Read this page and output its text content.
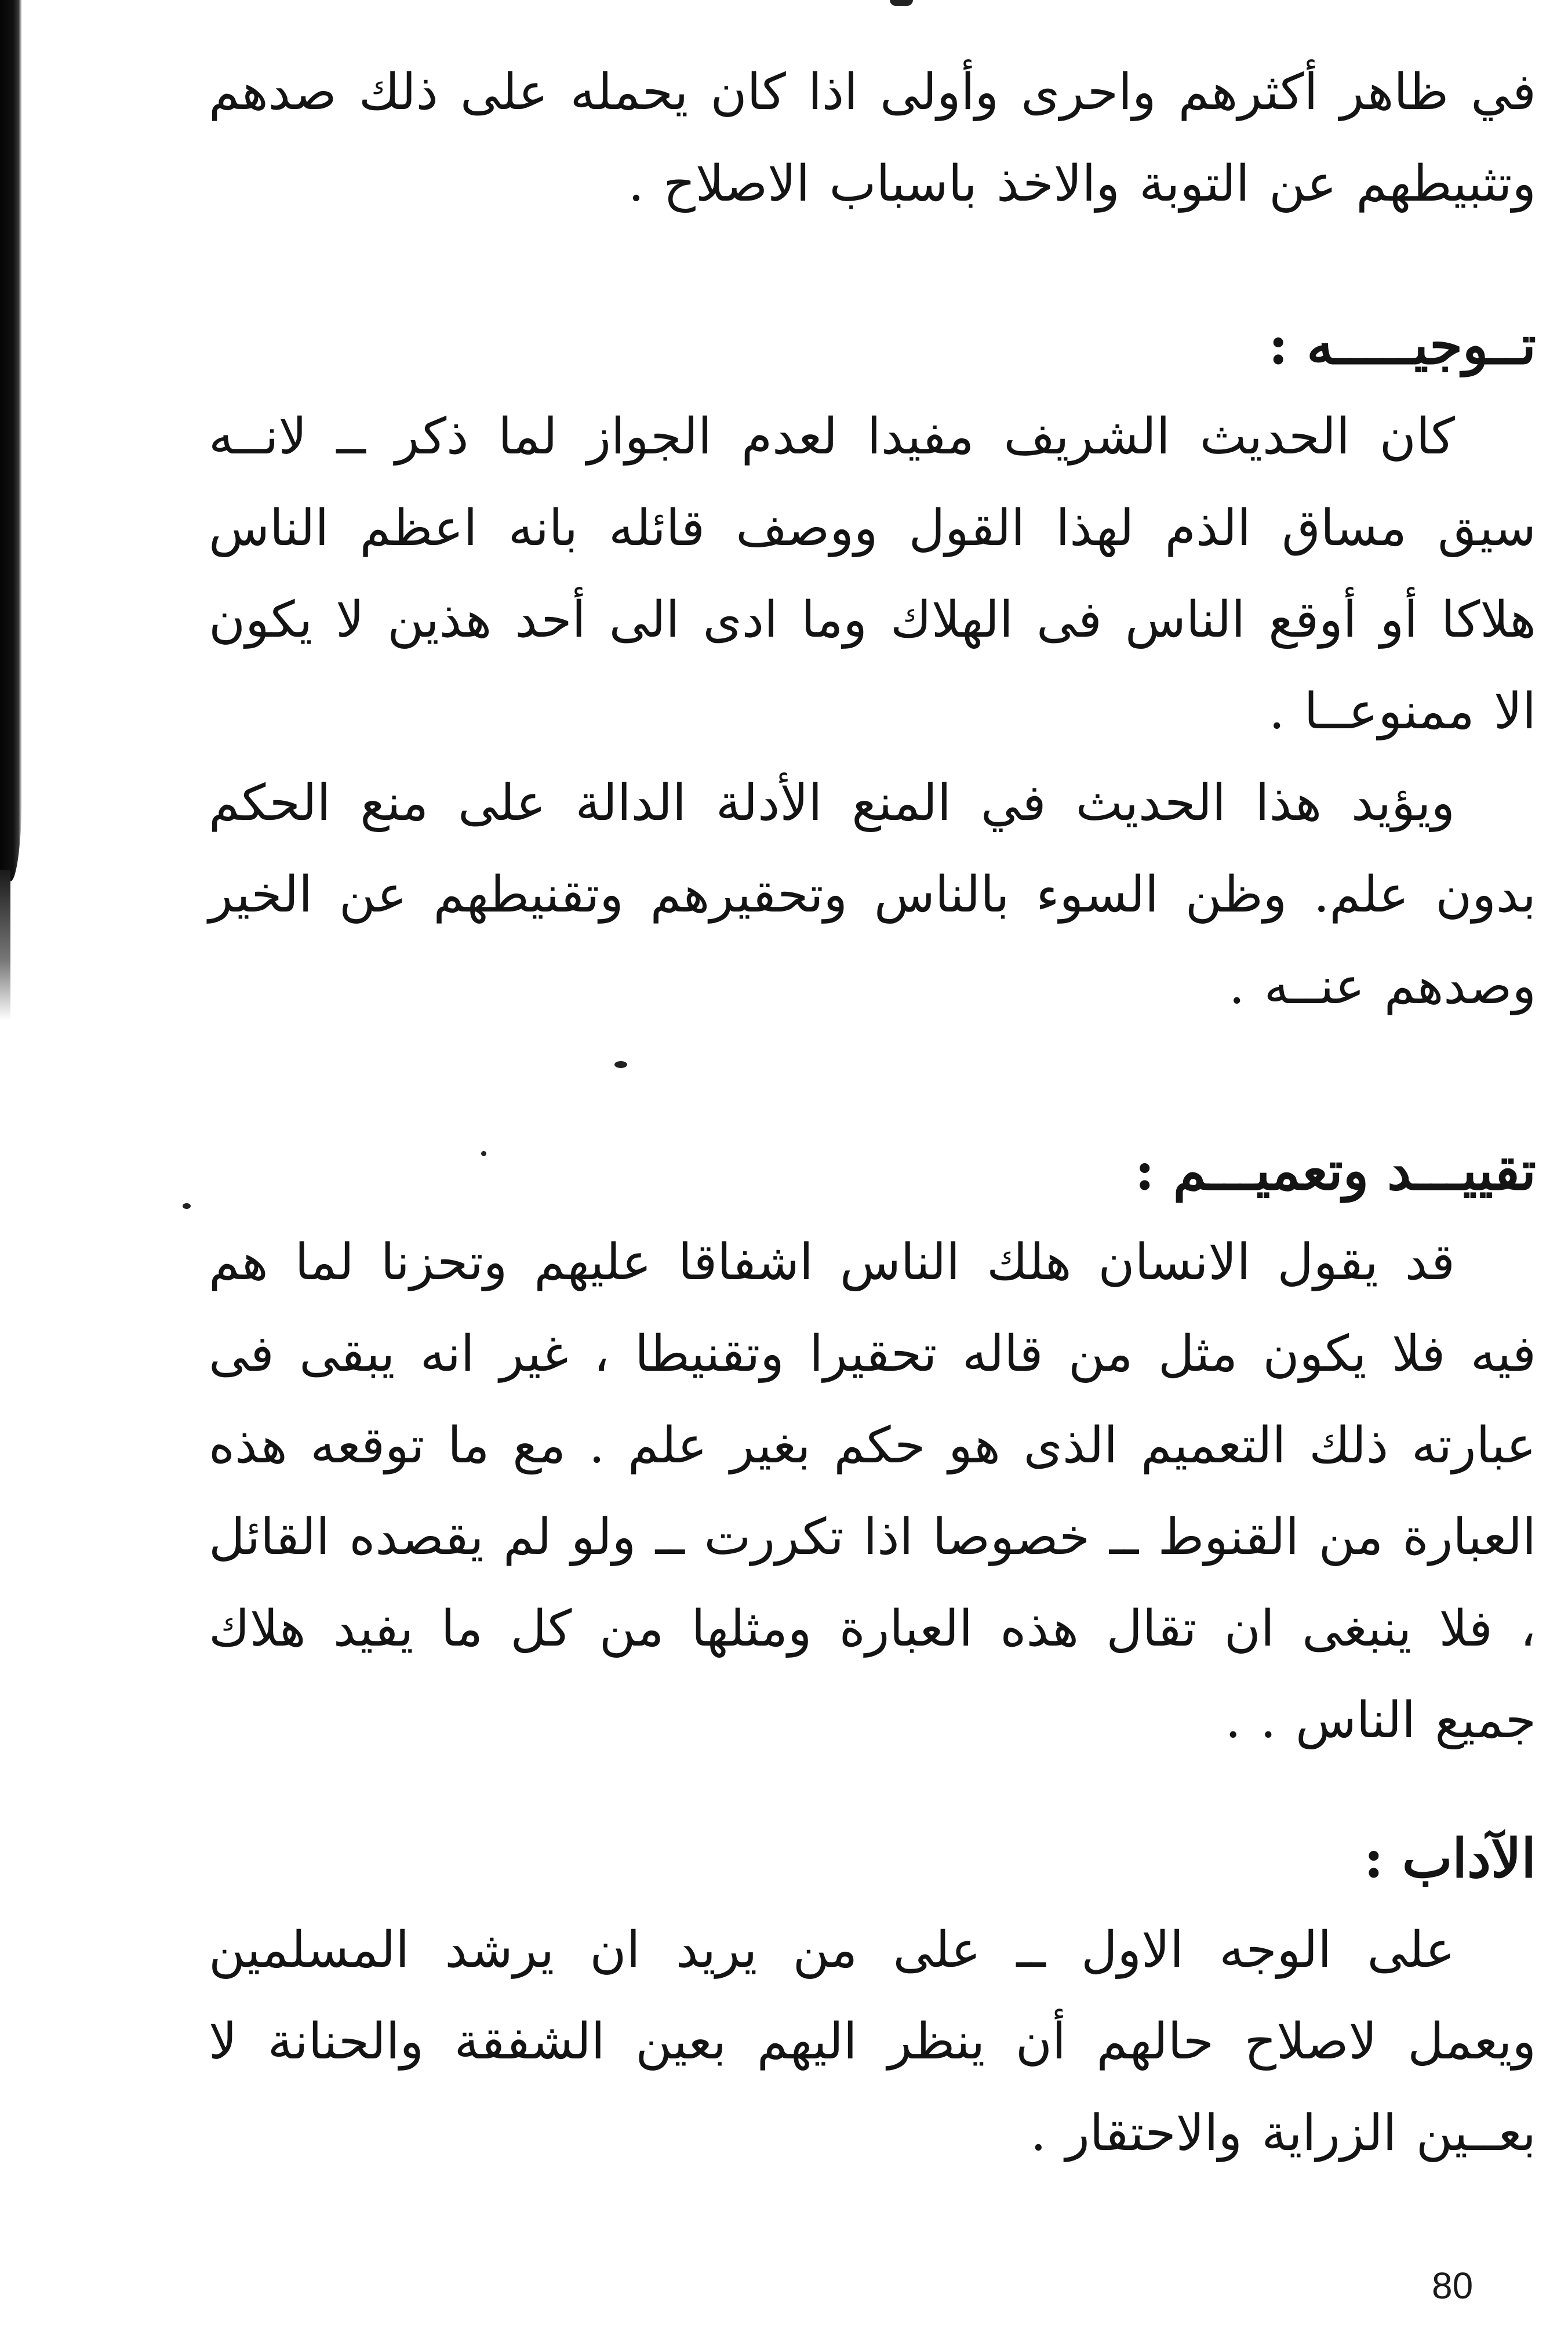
في ظاهر أكثرهم واحرى وأولى اذا كان يحمله على ذلك صدهم وتثبيطهم عن التوبة والاخذ باسباب الاصلاح .

تــوجيـــــه :

كان الحديث الشريف مفيدا لعدم الجواز لما ذكر ــ لانــه سيق مساق الذم لهذا القول ووصف قائله بانه اعظم الناس هلاكا أو أوقع الناس فى الهلاك وما ادى الى أحد هذين لا يكون الا ممنوعــا .

ويؤيد هذا الحديث في المنع الأدلة الدالة على منع الحكم بدون علم. وظن السوء بالناس وتحقيرهم وتقنيطهم عن الخير وصدهم عنــه .

تقييـــد وتعميـــم :

قد يقول الانسان هلك الناس اشفاقا عليهم وتحزنا لما هم فيه فلا يكون مثل من قاله تحقيرا وتقنيطا ، غير انه يبقى فى عبارته ذلك التعميم الذى هو حكم بغير علم . مع ما توقعه هذه العبارة من القنوط ــ خصوصا اذا تكررت ــ ولو لم يقصده القائل ، فلا ينبغى ان تقال هذه العبارة ومثلها من كل ما يفيد هلاك جميع الناس . .

الآداب :

على الوجه الاول ــ على من يريد ان يرشد المسلمين ويعمل لاصلاح حالهم أن ينظر اليهم بعين الشفقة والحنانة لا بعــين الزراية والاحتقار .

80
